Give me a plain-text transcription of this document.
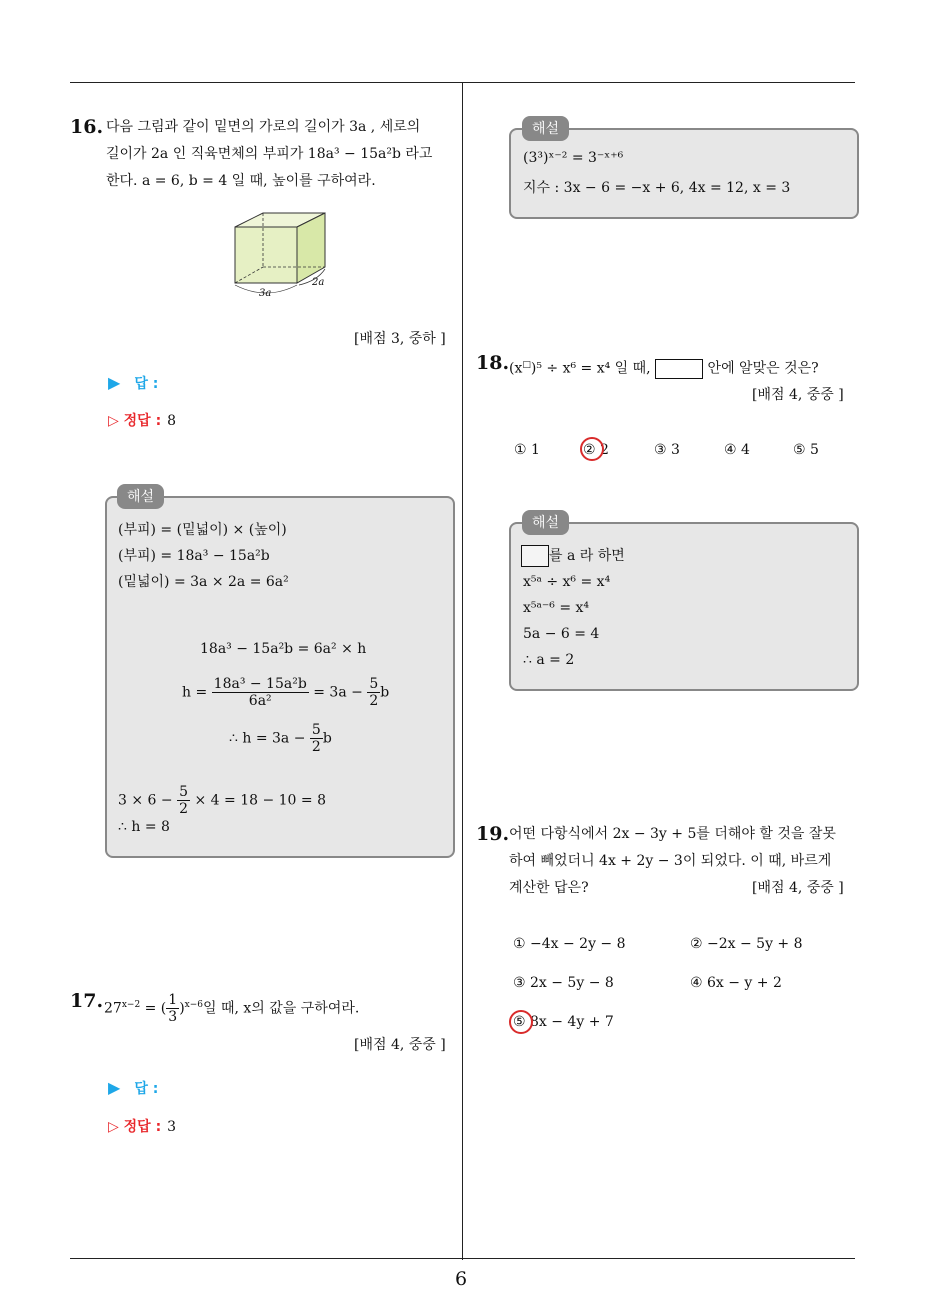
6
16. 다음 그림과 같이 밑면의 가로의 길이가 3a , 세로의
길이가 2a 인 직육면체의 부피가 18a³ − 15a²b 라고
한다. a = 6, b = 4 일 때, 높이를 구하여라.
3a
2a
[배점 3, 중하 ]
▶ 답 :
▷ 정답 : 8
해설
(부피) = (밑넓이) × (높이)
(부피) = 18a³ − 15a²b
(밑넓이) = 3a × 2a = 6a²
18a³ − 15a²b = 6a² × h
$h = \frac{\text{18a³ − 15a²b}}{\text{6a²}} = 3a - \frac{5}{2}$ b
∴ $h = 3a - \frac{5}{2}$ b
$3 \times 6 - \frac{5}{2} \times 4 = 18 - 10 = 8$
∴ h = 8
17. $27^{x-2}$ = ( $\frac{1}{3} )^{x-6}$일 때, x의 값을 구하여라.
[배점 4, 중중 ]
▶ 답 :
▷ 정답 : 3
해설
(3³)ˣ⁻² = 3⁻ˣ⁺⁶
지수 : 3x − 6 = −x + 6, 4x = 12, x = 3
18. (x□)⁵ ÷ x⁶ = x⁴ 일 때,	안에 알맞은 것은?
[배점 4, 중중 ]
① 1	② 2	③ 3	④ 4	⑤ 5
해설
를 a 라 하면
x⁵ᵃ ÷ x⁶ = x⁴
x⁵ᵃ⁻⁶ = x⁴
5a − 6 = 4
∴ a = 2
19. 어떤 다항식에서 2x − 3y + 5를 더해야 할 것을 잘못
하여 빼었더니 4x + 2y − 3이 되었다. 이 때, 바르게
계산한 답은?	[배점 4, 중중 ]
① −4x − 2y − 8	② −2x − 5y + 8
③ 2x − 5y − 8	④ 6x − y + 2
⑤ 8x − 4y + 7
